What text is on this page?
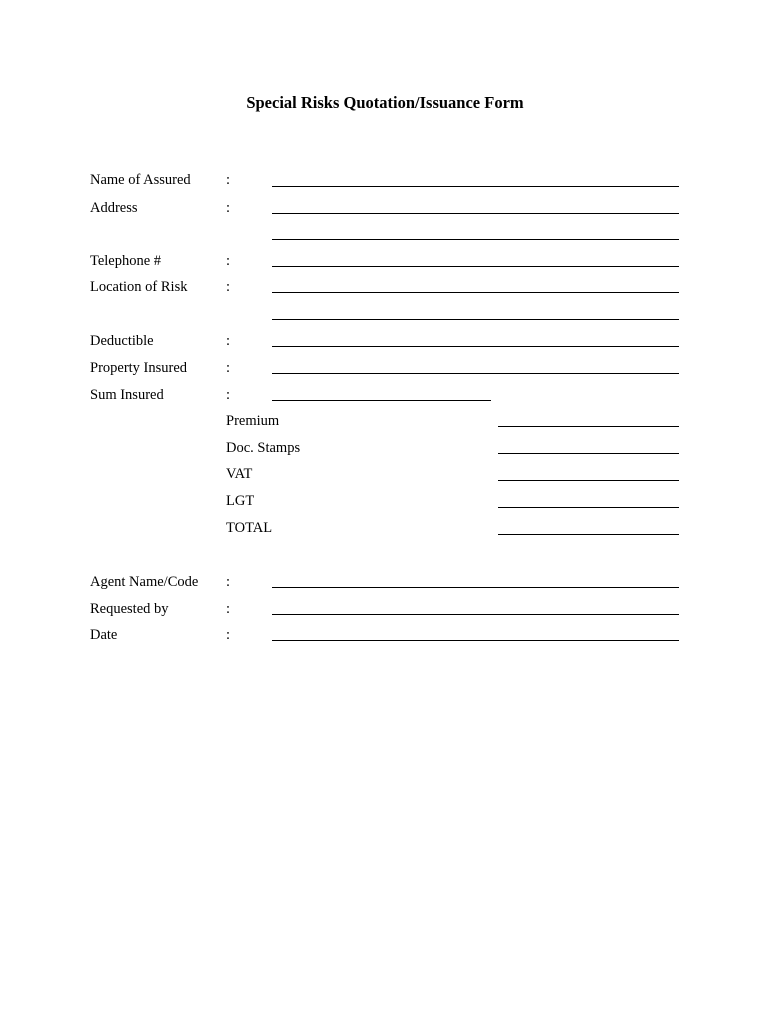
Special Risks Quotation/Issuance Form
Name of Assured :
Address	:
Telephone #	:
Location of Risk	:
Deductible	:
Property Insured	:
Sum Insured	:
Premium
Doc. Stamps
VAT
LGT
TOTAL
Agent Name/Code :
Requested by	:
Date	:
